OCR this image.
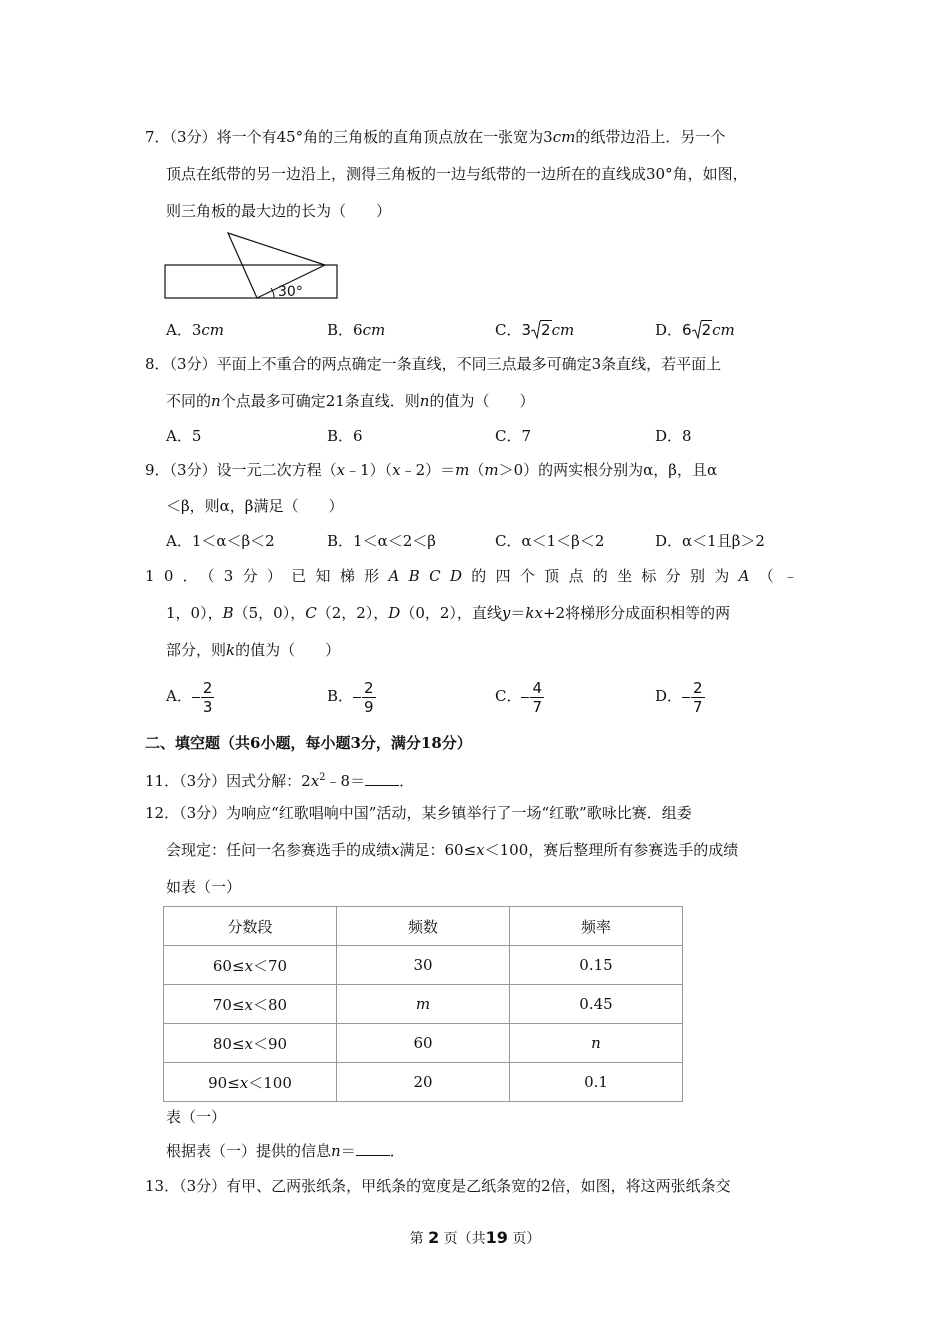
7．（3分）将一个有45°角的三角板的直角顶点放在一张宽为3cm的纸带边沿上．另一个
顶点在纸带的另一边沿上，测得三角板的一边与纸带的一边所在的直线成30°角，如图，
则三角板的最大边的长为（　　）
30°
A．3cm	B．6cm	C．3 2cm	D．6 2cm
8．（3分）平面上不重合的两点确定一条直线，不同三点最多可确定3条直线，若平面上
不同的n个点最多可确定21条直线．则n的值为（　　）
A．5	B．6	C．7	D．8
9．（3分）设一元二次方程（x﹣1）（x﹣2）＝m（m＞0）的两实根分别为α，β，且α
＜β，则α，β满足（　　）
A．1＜α＜β＜2	B．1＜α＜2＜β	C．α＜1＜β＜2	D．α＜1且β＞2
10．（3分）已知梯形ABCD的四个顶点的坐标分别为A（﹣
1，0），B（5，0），C（2，2），D（0，2），直线y＝kx+2将梯形分成面积相等的两
部分，则k的值为（　　）
A． $\frac{2}{3}$	B． $\frac{2}{9}$	C． $\frac{4}{7}$	D． $\frac{2}{7}$
二、填空题（共6小题，每小题3分，满分18分）
11．（3分）因式分解：$2x^2﹣8=$ ．
12．（3分）为响应“红歌唱响中国”活动，某乡镇举行了一场“红歌”歌咏比赛．组委
会现定：任问一名参赛选手的成绩x满足：60≤x＜100，赛后整理所有参赛选手的成绩
如表（一）
分数段	频数	频率
60≤x＜70	30	0.15
70≤x＜80	m	0.45
80≤x＜90	60	n
90≤x＜100	20	0.1
表（一）
根据表（一）提供的信息n＝ ．
13．（3分）有甲、乙两张纸条，甲纸条的宽度是乙纸条宽的2倍，如图，将这两张纸条交
第 2 页（共19 页）
